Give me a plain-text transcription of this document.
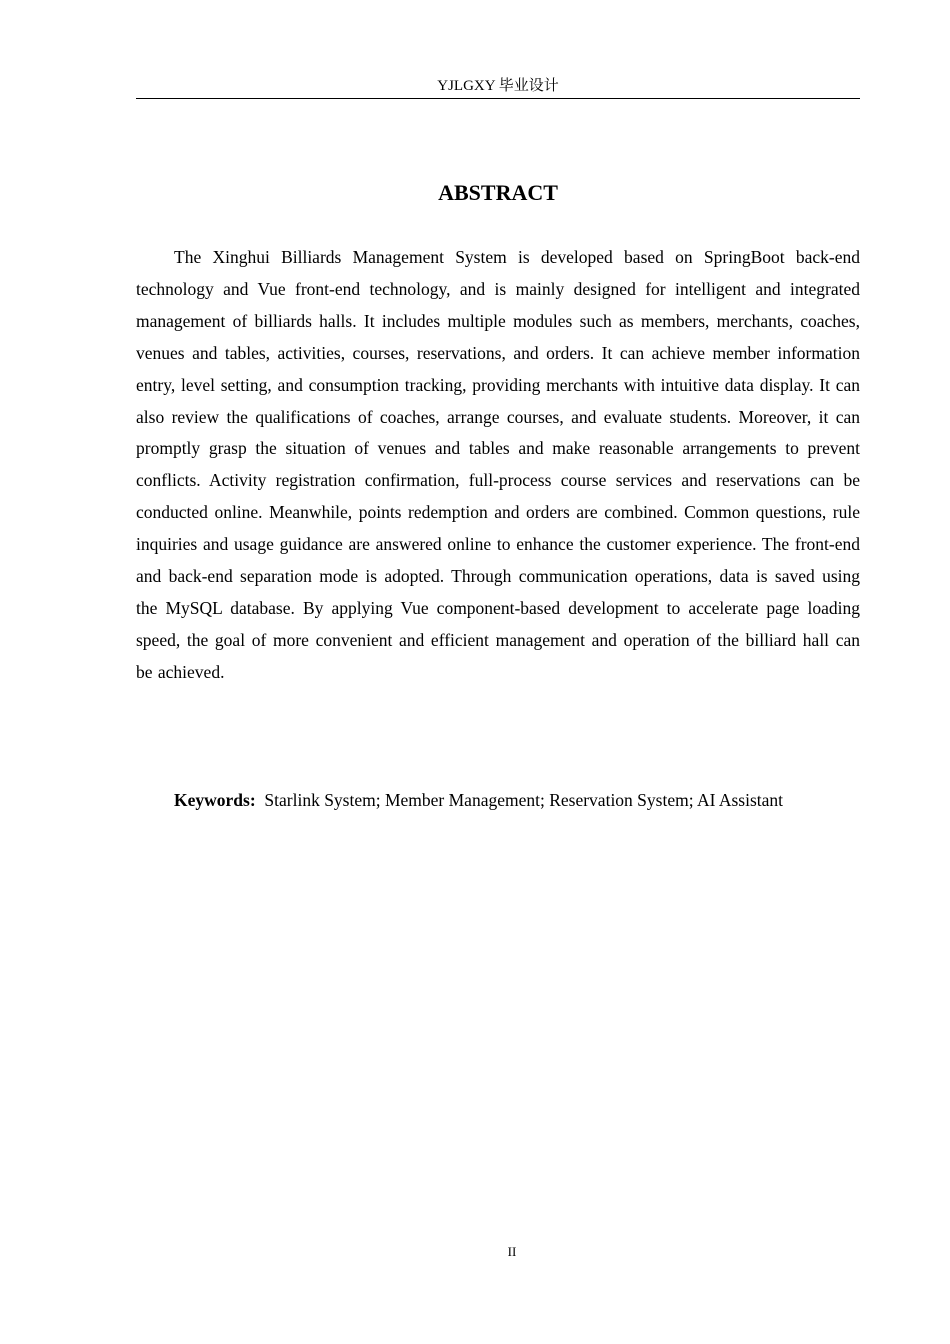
YJLGXY 毕业设计
ABSTRACT

The Xinghui Billiards Management System is developed based on SpringBoot back-end technology and Vue front-end technology, and is mainly designed for intelligent and integrated management of billiards halls. It includes multiple modules such as members, merchants, coaches, venues and tables, activities, courses, reservations, and orders. It can achieve member information entry, level setting, and consumption tracking, providing merchants with intuitive data display. It can also review the qualifications of coaches, arrange courses, and evaluate students. Moreover, it can promptly grasp the situation of venues and tables and make reasonable arrangements to prevent conflicts. Activity registration confirmation, full-process course services and reservations can be conducted online. Meanwhile, points redemption and orders are combined. Common questions, rule inquiries and usage guidance are answered online to enhance the customer experience. The front-end and back-end separation mode is adopted. Through communication operations, data is saved using the MySQL database. By applying Vue component-based development to accelerate page loading speed, the goal of more convenient and efficient management and operation of the billiard hall can be achieved.

Keywords: Starlink System; Member Management; Reservation System; AI Assistant

II
